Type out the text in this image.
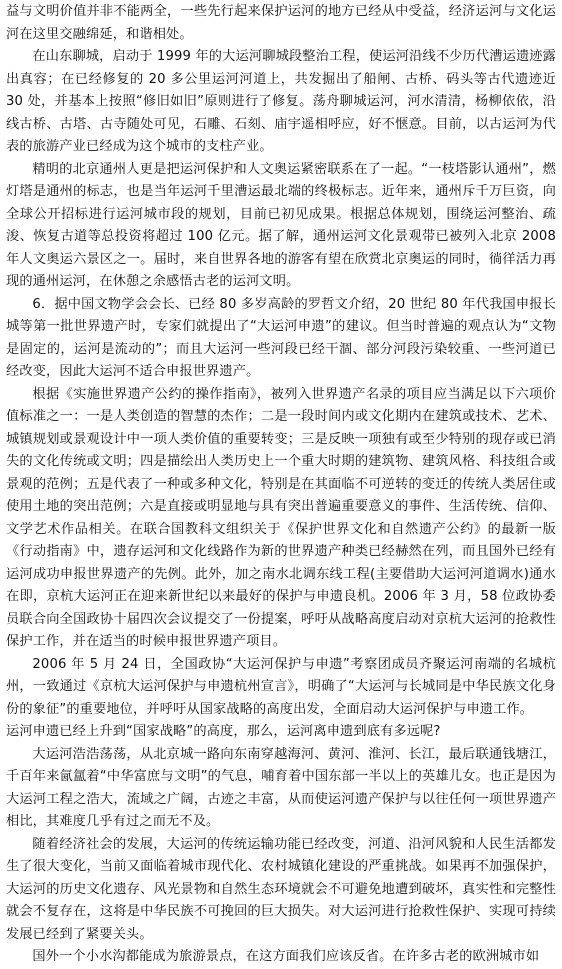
益与文明价值并非不能两全，一些先行起来保护运河的地方已经从中受益，经济运河与文化运河在这里交融绵延，和谐相处。

在山东聊城，启动于 1999 年的大运河聊城段整治工程，使运河沿线不少历代漕运遗迹露出真容；在已经修复的 20 多公里运河河道上，共发掘出了船闸、古桥、码头等古代遗迹近 30 处，并基本上按照“修旧如旧”原则进行了修复。荡舟聊城运河，河水清清，杨柳依依，沿线古桥、古塔、古寺随处可见，石雕、石刻、庙宇遥相呼应，好不惬意。目前，以古运河为代表的旅游产业已经成为这个城市的支柱产业。

精明的北京通州人更是把运河保护和人文奥运紧密联系在了一起。“一枝塔影认通州”，燃灯塔是通州的标志，也是当年运河千里漕运最北端的终极标志。近年来，通州斥千万巨资，向全球公开招标进行运河城市段的规划，目前已初见成果。根据总体规划，围绕运河整治、疏浚、恢复古道等总投资将超过 100 亿元。据了解，通州运河文化景观带已被列入北京 2008 年人文奥运六景区之一。届时，来自世界各地的游客有望在欣赏北京奥运的同时，徜徉活力再现的通州运河，在休憩之余感悟古老的运河文明。

6．据中国文物学会会长、已经 80 多岁高龄的罗哲文介绍，20 世纪 80 年代我国申报长城等第一批世界遗产时，专家们就提出了“大运河申遗”的建议。但当时普遍的观点认为“文物是固定的，运河是流动的”；而且大运河一些河段已经干涸、部分河段污染较重、一些河道已经改变，因此大运河不适合申报世界遗产。

根据《实施世界遗产公约的操作指南》，被列入世界遗产名录的项目应当满足以下六项价值标准之一：一是人类创造的智慧的杰作；二是一段时间内或文化期内在建筑或技术、艺术、城镇规划或景观设计中一项人类价值的重要转变；三是反映一项独有或至少特别的现存或已消失的文化传统或文明；四是描绘出人类历史上一个重大时期的建筑物、建筑风格、科技组合或景观的范例；五是代表了一种或多种文化，特别是在其面临不可逆转的变迁的传统人类居住或使用土地的突出范例；六是直接或明显地与具有突出普遍重要意义的事件、生活传统、信仰、文学艺术作品相关。在联合国教科文组织关于《保护世界文化和自然遗产公约》的最新一版《行动指南》中，遗存运河和文化线路作为新的世界遗产种类已经赫然在列，而且国外已经有运河成功申报世界遗产的先例。此外，加之南水北调东线工程(主要借助大运河河道调水)通水在即，京杭大运河正在迎来新世纪以来最好的保护与申遗良机。2006 年 3 月，58 位政协委员联合向全国政协十届四次会议提交了一份提案，呼吁从战略高度启动对京杭大运河的抢救性保护工作，并在适当的时候申报世界遗产项目。

2006 年 5 月 24 日，全国政协“大运河保护与申遗”考察团成员齐聚运河南端的名城杭州，一致通过《京杭大运河保护与申遗杭州宣言》，明确了“大运河与长城同是中华民族文化身份的象征”的重要地位，并呼吁从国家战略的高度出发，全面启动大运河保护与申遗工作。

运河申遗已经上升到“国家战略”的高度，那么，运河离申遗到底有多远呢?

大运河浩浩荡荡，从北京城一路向东南穿越海河、黄河、淮河、长江，最后联通钱塘江，千百年来氤氲着“中华富庶与文明”的气息，哺育着中国东部一半以上的英雄儿女。也正是因为大运河工程之浩大，流域之广阔，古迹之丰富，从而使运河遗产保护与以往任何一项世界遗产相比，其难度几乎有过之而无不及。

随着经济社会的发展，大运河的传统运输功能已经改变，河道、沿河风貌和人民生活都发生了很大变化，当前又面临着城市现代化、农村城镇化建设的严重挑战。如果再不加强保护，大运河的历史文化遗存、风光景物和自然生态环境就会不可避免地遭到破坏，真实性和完整性就会不复存在，这将是中华民族不可挽回的巨大损失。对大运河进行抢救性保护、实现可持续发展已经到了紧要关头。

国外一个小水沟都能成为旅游景点，在这方面我们应该反省。在许多古老的欧洲城市如
